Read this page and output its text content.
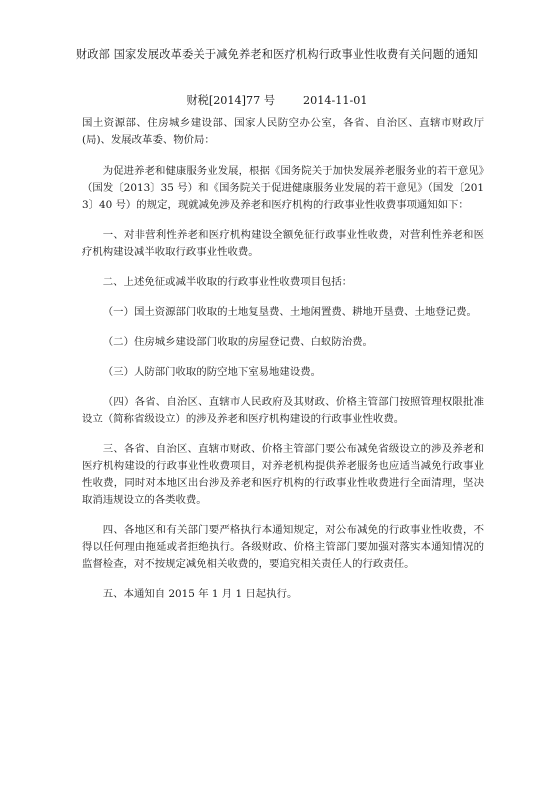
财政部 国家发展改革委关于减免养老和医疗机构行政事业性收费有关问题的通知
财税[2014]77 号	2014-11-01

国土资源部、住房城乡建设部、国家人民防空办公室，各省、自治区、直辖市财政厅(局)、发展改革委、物价局：

为促进养老和健康服务业发展，根据《国务院关于加快发展养老服务业的若干意见》（国发〔2013〕35 号）和《国务院关于促进健康服务业发展的若干意见》（国发〔2013〕40 号）的规定，现就减免涉及养老和医疗机构的行政事业性收费事项通知如下：

一、对非营利性养老和医疗机构建设全额免征行政事业性收费，对营利性养老和医疗机构建设减半收取行政事业性收费。

二、上述免征或减半收取的行政事业性收费项目包括：

（一）国土资源部门收取的土地复垦费、土地闲置费、耕地开垦费、土地登记费。

（二）住房城乡建设部门收取的房屋登记费、白蚁防治费。

（三）人防部门收取的防空地下室易地建设费。

（四）各省、自治区、直辖市人民政府及其财政、价格主管部门按照管理权限批准设立（简称省级设立）的涉及养老和医疗机构建设的行政事业性收费。

三、各省、自治区、直辖市财政、价格主管部门要公布减免省级设立的涉及养老和医疗机构建设的行政事业性收费项目，对养老机构提供养老服务也应适当减免行政事业性收费，同时对本地区出台涉及养老和医疗机构的行政事业性收费进行全面清理，坚决取消违规设立的各类收费。

四、各地区和有关部门要严格执行本通知规定，对公布减免的行政事业性收费，不得以任何理由拖延或者拒绝执行。各级财政、价格主管部门要加强对落实本通知情况的监督检查，对不按规定减免相关收费的，要追究相关责任人的行政责任。

五、本通知自 2015 年 1 月 1 日起执行。
